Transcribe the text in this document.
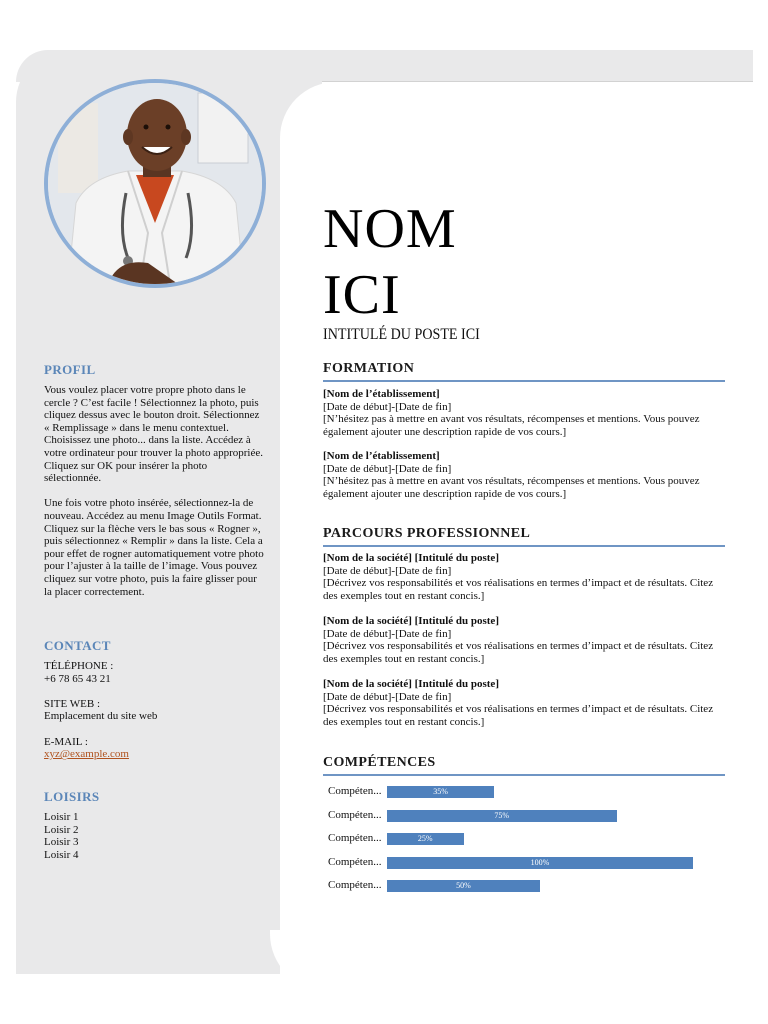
PROFIL

Vous voulez placer votre propre photo dans le cercle ? C’est facile ! Sélectionnez la photo, puis cliquez dessus avec le bouton droit. Sélectionnez « Remplissage » dans le menu contextuel. Choisissez une photo... dans la liste. Accédez à votre ordinateur pour trouver la photo appropriée. Cliquez sur OK pour insérer la photo sélectionnée.

Une fois votre photo insérée, sélectionnez-la de nouveau. Accédez au menu Image Outils Format. Cliquez sur la flèche vers le bas sous « Rogner », puis sélectionnez « Remplir » dans la liste. Cela a pour effet de rogner automatiquement votre photo pour l’ajuster à la taille de l’image. Vous pouvez cliquez sur votre photo, puis la faire glisser pour la placer correctement.

CONTACT

TÉLÉPHONE :

+6 78 65 43 21

SITE WEB :

Emplacement du site web

E-MAIL :

xyz@example.com

LOISIRS

Loisir 1

Loisir 2

Loisir 3

Loisir 4

NOM
ICI
INTITULÉ DU POSTE ICI
FORMATION
[Nom de l’établissement]
[Date de début]-[Date de fin]
[N’hésitez pas à mettre en avant vos résultats, récompenses et mentions. Vous pouvez également ajouter une description rapide de vos cours.]
[Nom de l’établissement]
[Date de début]-[Date de fin]
[N’hésitez pas à mettre en avant vos résultats, récompenses et mentions. Vous pouvez également ajouter une description rapide de vos cours.]
PARCOURS PROFESSIONNEL
[Nom de la société] [Intitulé du poste]
[Date de début]-[Date de fin]
[Décrivez vos responsabilités et vos réalisations en termes d’impact et de résultats. Citez des exemples tout en restant concis.]
[Nom de la société] [Intitulé du poste]
[Date de début]-[Date de fin]
[Décrivez vos responsabilités et vos réalisations en termes d’impact et de résultats. Citez des exemples tout en restant concis.]
[Nom de la société] [Intitulé du poste]
[Date de début]-[Date de fin]
[Décrivez vos responsabilités et vos réalisations en termes d’impact et de résultats. Citez des exemples tout en restant concis.]
COMPÉTENCES
Compéten...	35%
Compéten...	75%
Compéten...	25%
Compéten...	100%
Compéten...	50%
